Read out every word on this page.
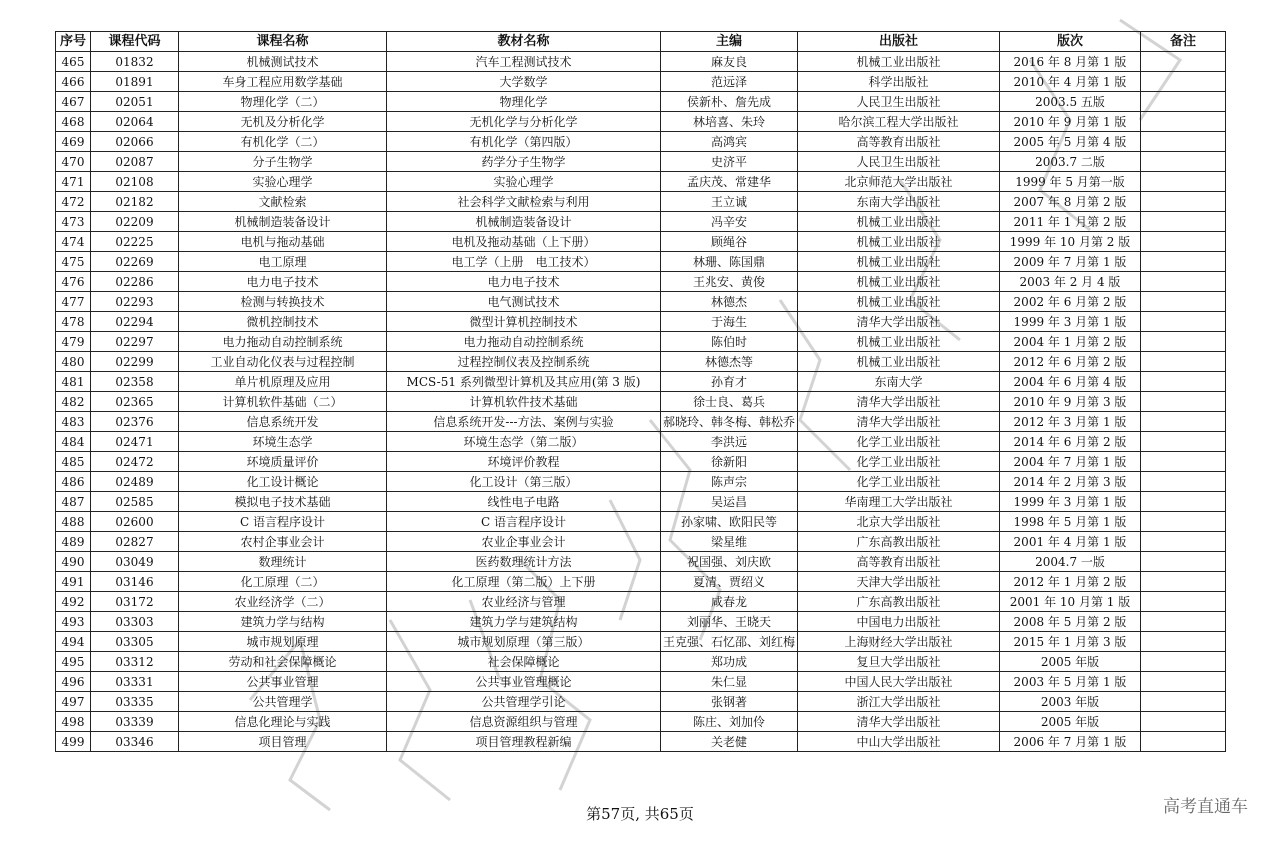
序号	课程代码	课程名称	教材名称	主编	出版社	版次	备注
465	01832	机械测试技术	汽车工程测试技术	麻友良	机械工业出版社	2016 年 8 月第 1 版	
466	01891	车身工程应用数学基础	大学数学	范远泽	科学出版社	2010 年 4 月第 1 版	
467	02051	物理化学（二）	物理化学	侯新朴、詹先成	人民卫生出版社	2003.5 五版	
468	02064	无机及分析化学	无机化学与分析化学	林培喜、朱玲	哈尔滨工程大学出版社	2010 年 9 月第 1 版	
469	02066	有机化学（二）	有机化学（第四版）	高鸿宾	高等教育出版社	2005 年 5 月第 4 版	
470	02087	分子生物学	药学分子生物学	史济平	人民卫生出版社	2003.7 二版	
471	02108	实验心理学	实验心理学	孟庆茂、常建华	北京师范大学出版社	1999 年 5 月第一版	
472	02182	文献检索	社会科学文献检索与利用	王立诚	东南大学出版社	2007 年 8 月第 2 版	
473	02209	机械制造装备设计	机械制造装备设计	冯辛安	机械工业出版社	2011 年 1 月第 2 版	
474	02225	电机与拖动基础	电机及拖动基础（上下册）	顾绳谷	机械工业出版社	1999 年 10 月第 2 版	
475	02269	电工原理	电工学（上册　电工技术）	林珊、陈国鼎	机械工业出版社	2009 年 7 月第 1 版	
476	02286	电力电子技术	电力电子技术	王兆安、黄俊	机械工业出版社	2003 年 2 月 4 版	
477	02293	检测与转换技术	电气测试技术	林德杰	机械工业出版社	2002 年 6 月第 2 版	
478	02294	微机控制技术	微型计算机控制技术	于海生	清华大学出版社	1999 年 3 月第 1 版	
479	02297	电力拖动自动控制系统	电力拖动自动控制系统	陈伯时	机械工业出版社	2004 年 1 月第 2 版	
480	02299	工业自动化仪表与过程控制	过程控制仪表及控制系统	林德杰等	机械工业出版社	2012 年 6 月第 2 版	
481	02358	单片机原理及应用	MCS-51 系列微型计算机及其应用(第 3 版)	孙育才	东南大学	2004 年 6 月第 4 版	
482	02365	计算机软件基础（二）	计算机软件技术基础	徐士良、葛兵	清华大学出版社	2010 年 9 月第 3 版	
483	02376	信息系统开发	信息系统开发---方法、案例与实验	郝晓玲、韩冬梅、韩松乔	清华大学出版社	2012 年 3 月第 1 版	
484	02471	环境生态学	环境生态学（第二版）	李洪远	化学工业出版社	2014 年 6 月第 2 版	
485	02472	环境质量评价	环境评价教程	徐新阳	化学工业出版社	2004 年 7 月第 1 版	
486	02489	化工设计概论	化工设计（第三版）	陈声宗	化学工业出版社	2014 年 2 月第 3 版	
487	02585	模拟电子技术基础	线性电子电路	吴运昌	华南理工大学出版社	1999 年 3 月第 1 版	
488	02600	C 语言程序设计	C 语言程序设计	孙家啸、欧阳民等	北京大学出版社	1998 年 5 月第 1 版	
489	02827	农村企事业会计	农业企事业会计	梁星维	广东高教出版社	2001 年 4 月第 1 版	
490	03049	数理统计	医药数理统计方法	祝国强、刘庆欧	高等教育出版社	2004.7 一版	
491	03146	化工原理（二）	化工原理（第二版）上下册	夏清、贾绍义	天津大学出版社	2012 年 1 月第 2 版	
492	03172	农业经济学（二）	农业经济与管理	咸春龙	广东高教出版社	2001 年 10 月第 1 版	
493	03303	建筑力学与结构	建筑力学与建筑结构	刘丽华、王晓天	中国电力出版社	2008 年 5 月第 2 版	
494	03305	城市规划原理	城市规划原理（第三版）	王克强、石忆邵、刘红梅	上海财经大学出版社	2015 年 1 月第 3 版	
495	03312	劳动和社会保障概论	社会保障概论	郑功成	复旦大学出版社	2005 年版	
496	03331	公共事业管理	公共事业管理概论	朱仁显	中国人民大学出版社	2003 年 5 月第 1 版	
497	03335	公共管理学	公共管理学引论	张钢著	浙江大学出版社	2003 年版	
498	03339	信息化理论与实践	信息资源组织与管理	陈庄、刘加伶	清华大学出版社	2005 年版	
499	03346	项目管理	项目管理教程新编	关老健	中山大学出版社	2006 年 7 月第 1 版	
第57页, 共65页	高考直通车
